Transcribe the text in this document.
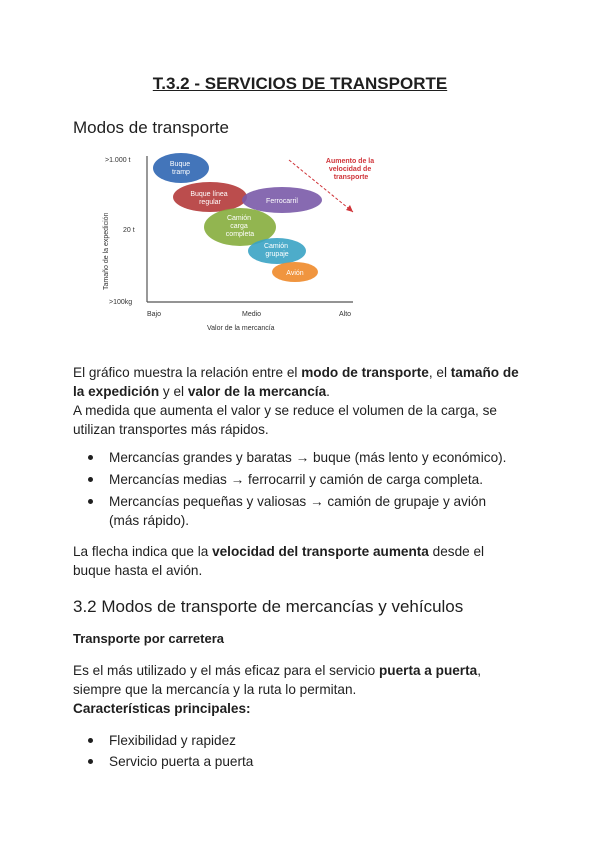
T.3.2 - SERVICIOS DE TRANSPORTE
Modos de transporte
>1.000 t
20 t
>100kg
Tamaño de la expedición
Bajo	Medio	Alto
Valor de la mercancía
Buque tramp
Buque línea regular	Ferrocarril
Camión carga completa
Camión grupaje
Avión
Aumento de la velocidad de transporte
El gráfico muestra la relación entre el modo de transporte, el tamaño de la expedición y el valor de la mercancía.
A medida que aumenta el valor y se reduce el volumen de la carga, se utilizan transportes más rápidos.
Mercancías grandes y baratas → buque (más lento y económico).
Mercancías medias → ferrocarril y camión de carga completa.
Mercancías pequeñas y valiosas → camión de grupaje y avión
(más rápido).
La flecha indica que la velocidad del transporte aumenta desde el buque hasta el avión.
3.2 Modos de transporte de mercancías y vehículos
Transporte por carretera
Es el más utilizado y el más eficaz para el servicio puerta a puerta, siempre que la mercancía y la ruta lo permitan.
Características principales:
Flexibilidad y rapidez
Servicio puerta a puerta
